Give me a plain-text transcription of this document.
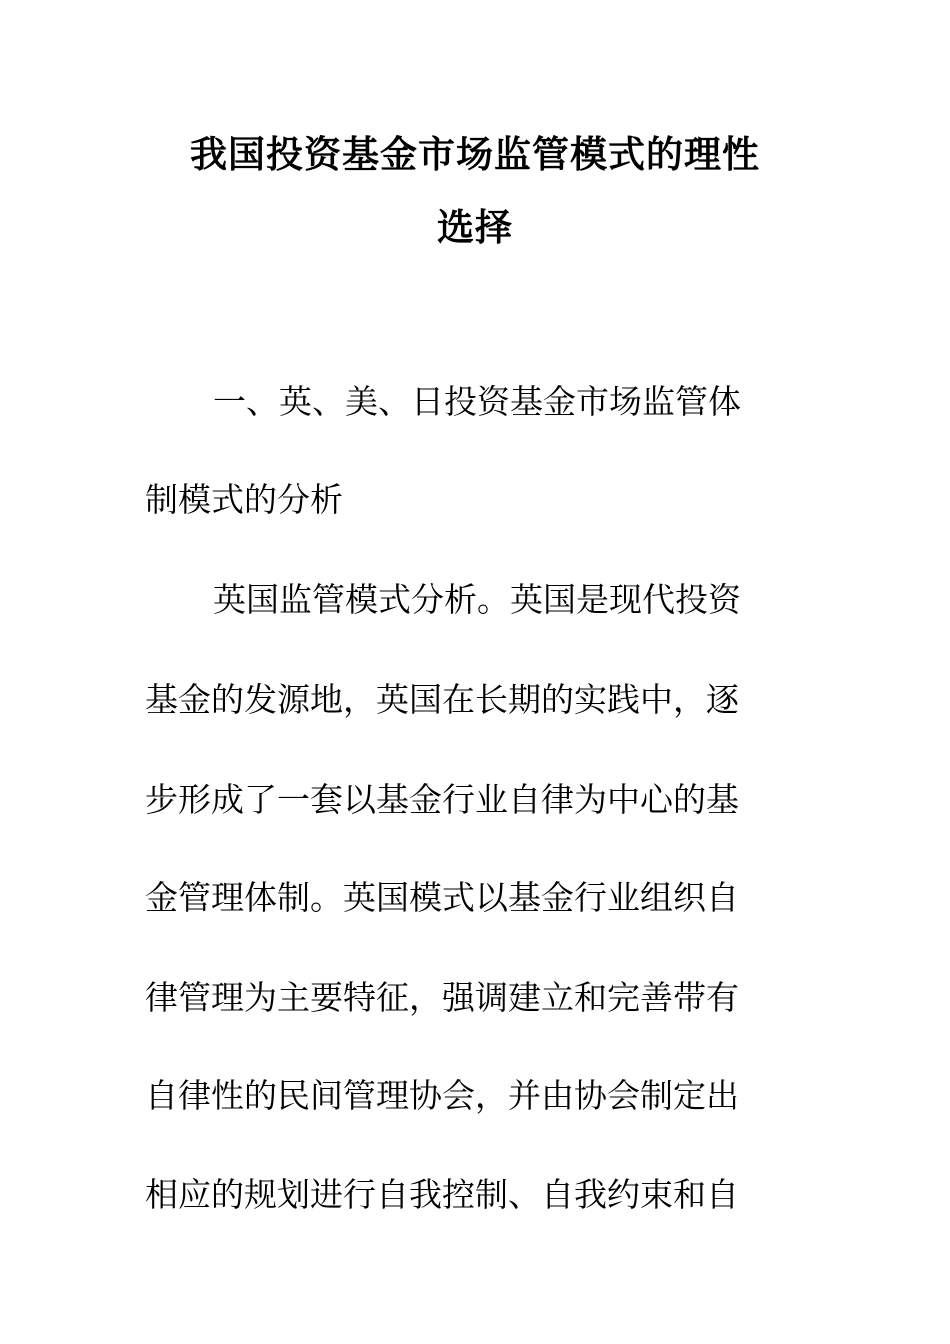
我国投资基金市场监管模式的理性
选择
一、英、美、日投资基金市场监管体
制模式的分析
英国监管模式分析。英国是现代投资
基金的发源地，英国在长期的实践中，逐
步形成了一套以基金行业自律为中心的基
金管理体制。英国模式以基金行业组织自
律管理为主要特征，强调建立和完善带有
自律性的民间管理协会，并由协会制定出
相应的规划进行自我控制、自我约束和自
